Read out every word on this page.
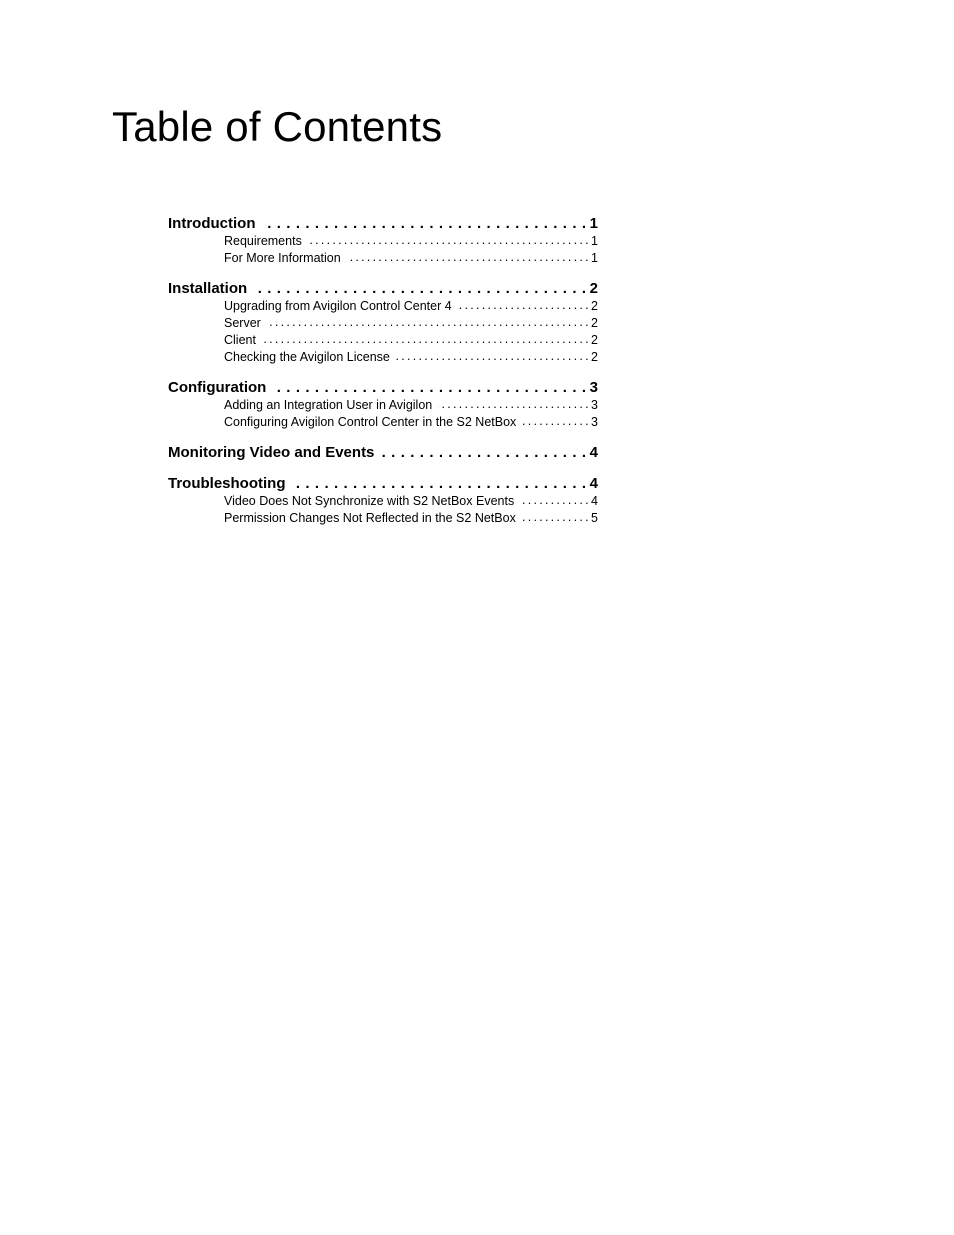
Table of Contents
Introduction . . .	1
Requirements . . .	1
For More Information . . .	1
Installation . . .	2
Upgrading from Avigilon Control Center 4 . . .	2
Server . . .	2
Client . . .	2
Checking the Avigilon License . . .	2
Configuration . . .	3
Adding an Integration User in Avigilon . . .	3
Configuring Avigilon Control Center in the S2 NetBox . . .	3
Monitoring Video and Events . . .	4
Troubleshooting . . .	4
Video Does Not Synchronize with S2 NetBox Events . . .	4
Permission Changes Not Reflected in the S2 NetBox . . .	5
